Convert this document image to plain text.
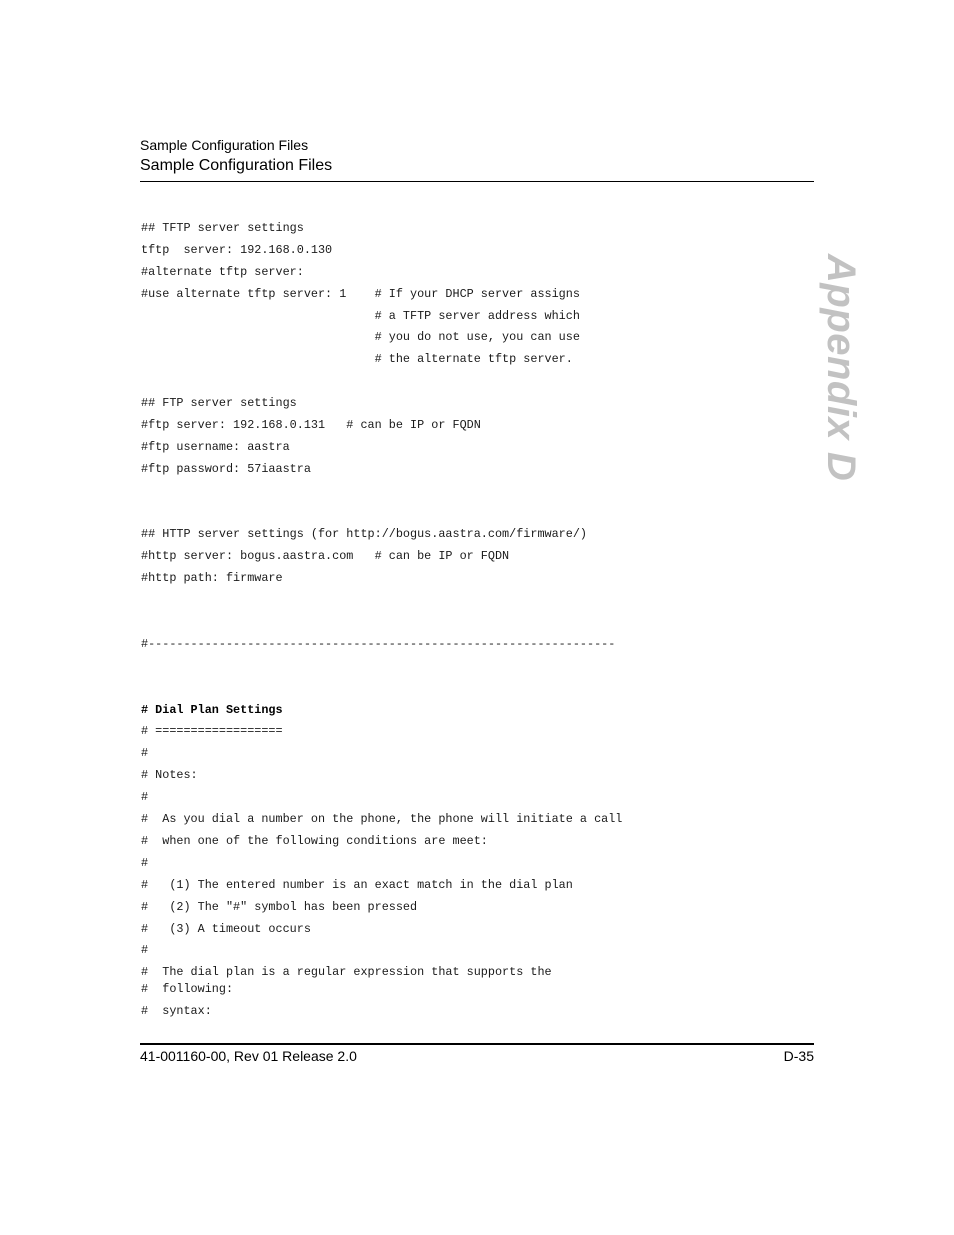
Sample Configuration Files
Sample Configuration Files
Appendix D
## TFTP server settings
tftp  server: 192.168.0.130
#alternate tftp server:
#use alternate tftp server: 1    # If your DHCP server assigns
# a TFTP server address which
# you do not use, you can use
# the alternate tftp server.
## FTP server settings
#ftp server: 192.168.0.131   # can be IP or FQDN
#ftp username: aastra
#ftp password: 57iaastra
## HTTP server settings (for http://bogus.aastra.com/firmware/)
#http server: bogus.aastra.com   # can be IP or FQDN
#http path: firmware
#------------------------------------------------------------------
# Dial Plan Settings
# ==================
#
# Notes:
#
#  As you dial a number on the phone, the phone will initiate a call
#  when one of the following conditions are meet:
#
#   (1) The entered number is an exact match in the dial plan
#   (2) The "#" symbol has been pressed
#   (3) A timeout occurs
#
#  The dial plan is a regular expression that supports the
#  following:
#  syntax:
41-001160-00, Rev 01 Release 2.0	D-35
